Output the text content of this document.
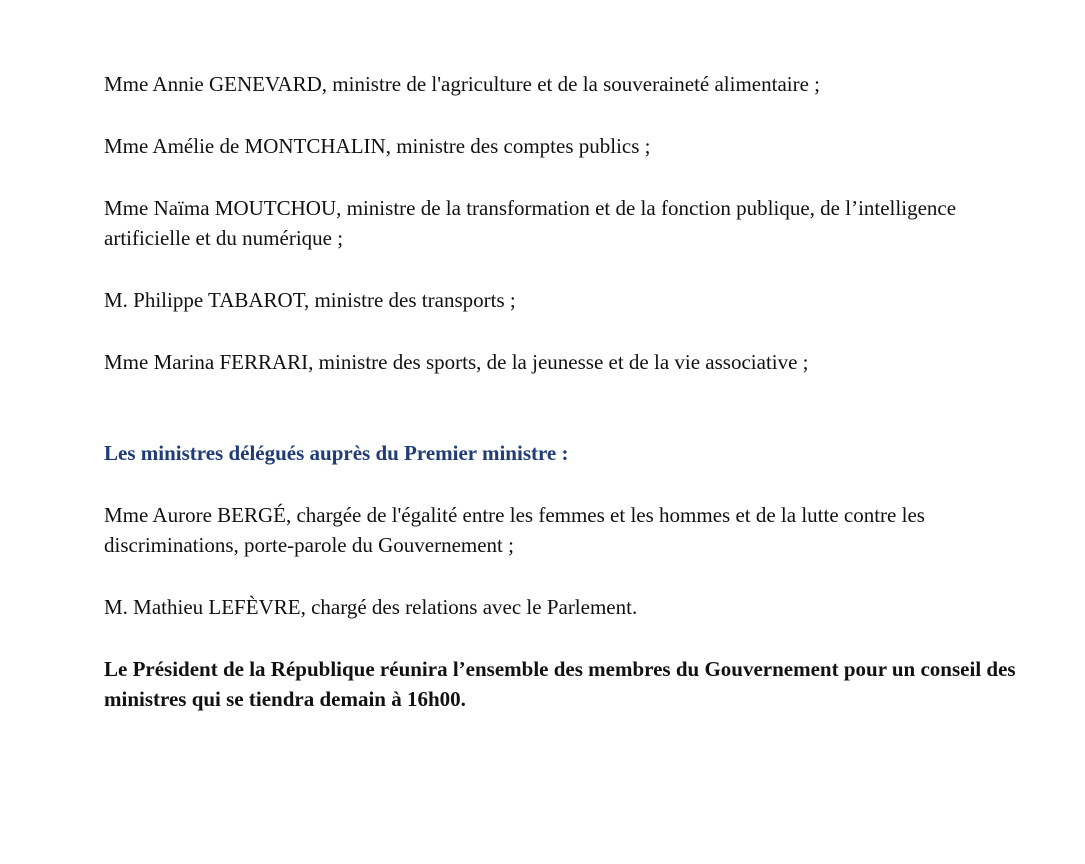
Mme Annie GENEVARD, ministre de l'agriculture et de la souveraineté alimentaire ;

Mme Amélie de MONTCHALIN, ministre des comptes publics ;

Mme Naïma MOUTCHOU, ministre de la transformation et de la fonction publique, de l’intelligence artificielle et du numérique ;

M. Philippe TABAROT, ministre des transports ;

Mme Marina FERRARI, ministre des sports, de la jeunesse et de la vie associative ;

Les ministres délégués auprès du Premier ministre :

Mme Aurore BERGÉ, chargée de l'égalité entre les femmes et les hommes et de la lutte contre les discriminations, porte-parole du Gouvernement ;

M. Mathieu LEFÈVRE, chargé des relations avec le Parlement.

Le Président de la République réunira l’ensemble des membres du Gouvernement pour un conseil des ministres qui se tiendra demain à 16h00.
